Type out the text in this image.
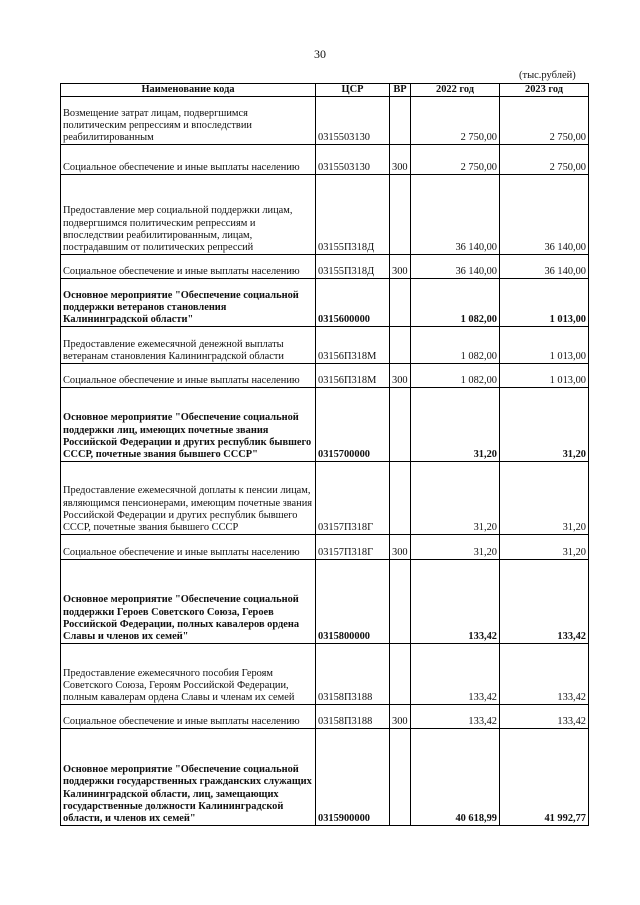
30
(тыс.рублей)
Наименование кода	ЦСР	ВР	2022 год	2023 год
Возмещение затрат лицам, подвергшимся политическим репрессиям и впоследствии реабилитированным	0315503130		2 750,00	2 750,00
Социальное обеспечение и иные выплаты населению	0315503130	300	2 750,00	2 750,00
Предоставление мер социальной поддержки лицам, подвергшимся политическим репрессиям и впоследствии реабилитированным, лицам, пострадавшим от политических репрессий	03155П318Д		36 140,00	36 140,00
Социальное обеспечение и иные выплаты населению	03155П318Д	300	36 140,00	36 140,00
Основное мероприятие "Обеспечение социальной поддержки ветеранов становления Калининградской области"	0315600000		1 082,00	1 013,00
Предоставление ежемесячной денежной выплаты ветеранам становления Калининградской области	03156П318М		1 082,00	1 013,00
Социальное обеспечение и иные выплаты населению	03156П318М	300	1 082,00	1 013,00
Основное мероприятие "Обеспечение социальной поддержки лиц, имеющих почетные звания Российской Федерации и других республик бывшего СССР, почетные звания бывшего СССР"	0315700000		31,20	31,20
Предоставление ежемесячной доплаты к пенсии лицам, являющимся пенсионерами, имеющим почетные звания Российской Федерации и других республик бывшего СССР, почетные звания бывшего СССР	03157П318Г		31,20	31,20
Социальное обеспечение и иные выплаты населению	03157П318Г	300	31,20	31,20
Основное мероприятие "Обеспечение социальной поддержки Героев Советского Союза, Героев Российской Федерации, полных кавалеров ордена Славы и членов их семей"	0315800000		133,42	133,42
Предоставление ежемесячного пособия Героям Советского Союза, Героям Российской Федерации, полным кавалерам ордена Славы и членам их семей	03158П3188		133,42	133,42
Социальное обеспечение и иные выплаты населению	03158П3188	300	133,42	133,42
Основное мероприятие "Обеспечение социальной поддержки государственных гражданских служащих Калининградской области, лиц, замещающих государственные должности Калининградской области, и членов их семей"	0315900000		40 618,99	41 992,77
